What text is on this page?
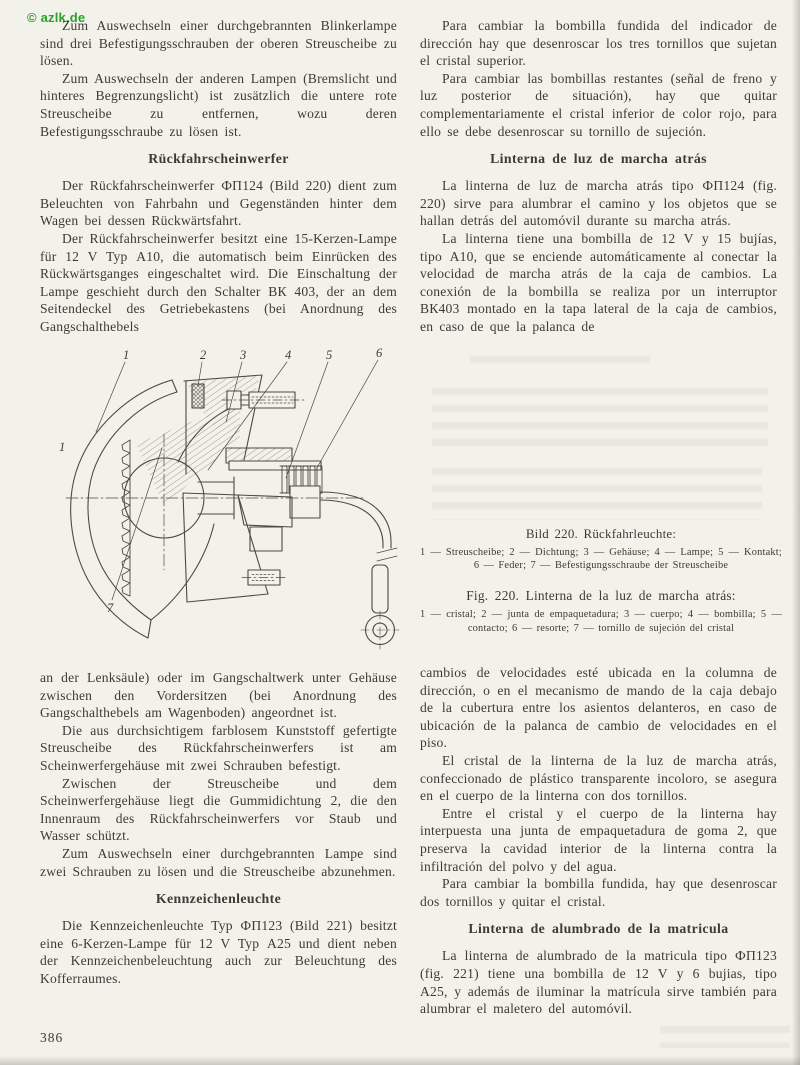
© azlk.de

Zum Auswechseln einer durchgebrannten Blinkerlampe sind drei Befestigungsschrauben der oberen Streuscheibe zu lösen.

Zum Auswechseln der anderen Lampen (Bremslicht und hinteres Begrenzungslicht) ist zusätzlich die untere rote Streuscheibe zu entfernen, wozu deren Befestigungsschraube zu lösen ist.

Rückfahrscheinwerfer

Der Rückfahrscheinwerfer ФП124 (Bild 220) dient zum Beleuchten von Fahrbahn und Gegenständen hinter dem Wagen bei dessen Rückwärtsfahrt.

Der Rückfahrscheinwerfer besitzt eine 15-Kerzen-Lampe für 12 V Typ А10, die automatisch beim Einrücken des Rückwärtsganges eingeschaltet wird. Die Einschaltung der Lampe geschieht durch den Schalter ВК 403, der an dem Seitendeckel des Getriebekastens (bei Anordnung des Gangschalthebels

Para cambiar la bombilla fundida del indicador de dirección hay que desenroscar los tres tornillos que sujetan el cristal superior.

Para cambiar las bombillas restantes (señal de freno y luz posterior de situación), hay que quitar complementariamente el cristal inferior de color rojo, para ello se debe desenroscar su tornillo de sujeción.

Linterna de luz de marcha atrás

La linterna de luz de marcha atrás tipo ФП124 (fig. 220) sirve para alumbrar el camino y los objetos que se hallan detrás del automóvil durante su marcha atrás.

La linterna tiene una bombilla de 12 V y 15 bujías, tipo А10, que se enciende automáticamente al conectar la velocidad de marcha atrás de la caja de cambios. La conexión de la bombilla se realiza por un interruptor ВК403 montado en la tapa lateral de la caja de cambios, en caso de que la palanca de

1	2	3	4	5	6
1
7

Bild 220. Rückfahrleuchte:

1 — Streuscheibe; 2 — Dichtung; 3 — Gehäuse; 4 — Lampe; 5 — Kontakt; 6 — Feder; 7 — Befestigungsschraube der Streuscheibe

Fig. 220. Linterna de la luz de marcha atrás:

1 — cristal; 2 — junta de empaquetadura; 3 — cuerpo; 4 — bombilla; 5 — contacto; 6 — resorte; 7 — tornillo de sujeción del cristal

an der Lenksäule) oder im Gangschaltwerk unter Gehäuse zwischen den Vordersitzen (bei Anordnung des Gangschalthebels am Wagenboden) angeordnet ist.

Die aus durchsichtigem farblosem Kunststoff gefertigte Streuscheibe des Rückfahrscheinwerfers ist am Scheinwerfergehäuse mit zwei Schrauben befestigt.

Zwischen der Streuscheibe und dem Scheinwerfergehäuse liegt die Gummidichtung 2, die den Innenraum des Rückfahrscheinwerfers vor Staub und Wasser schützt.

Zum Auswechseln einer durchgebrannten Lampe sind zwei Schrauben zu lösen und die Streuscheibe abzunehmen.

Kennzeichenleuchte

Die Kennzeichenleuchte Typ ФП123 (Bild 221) besitzt eine 6-Kerzen-Lampe für 12 V Typ А25 und dient neben der Kennzeichenbeleuchtung auch zur Beleuchtung des Kofferraumes.

cambios de velocidades esté ubicada en la columna de dirección, o en el mecanismo de mando de la caja debajo de la cubertura entre los asientos delanteros, en caso de ubicación de la palanca de cambio de velocidades en el piso.

El cristal de la linterna de la luz de marcha atrás, confeccionado de plástico transparente incoloro, se asegura en el cuerpo de la linterna con dos tornillos.

Entre el cristal y el cuerpo de la linterna hay interpuesta una junta de empaquetadura de goma 2, que preserva la cavidad interior de la linterna contra la infiltración del polvo y del agua.

Para cambiar la bombilla fundida, hay que desenroscar dos tornillos y quitar el cristal.

Linterna de alumbrado de la matricula

La linterna de alumbrado de la matricula tipo ФП123 (fig. 221) tiene una bombilla de 12 V y 6 bujias, tipo А25, y además de iluminar la matrícula sirve también para alumbrar el maletero del automóvil.

386
